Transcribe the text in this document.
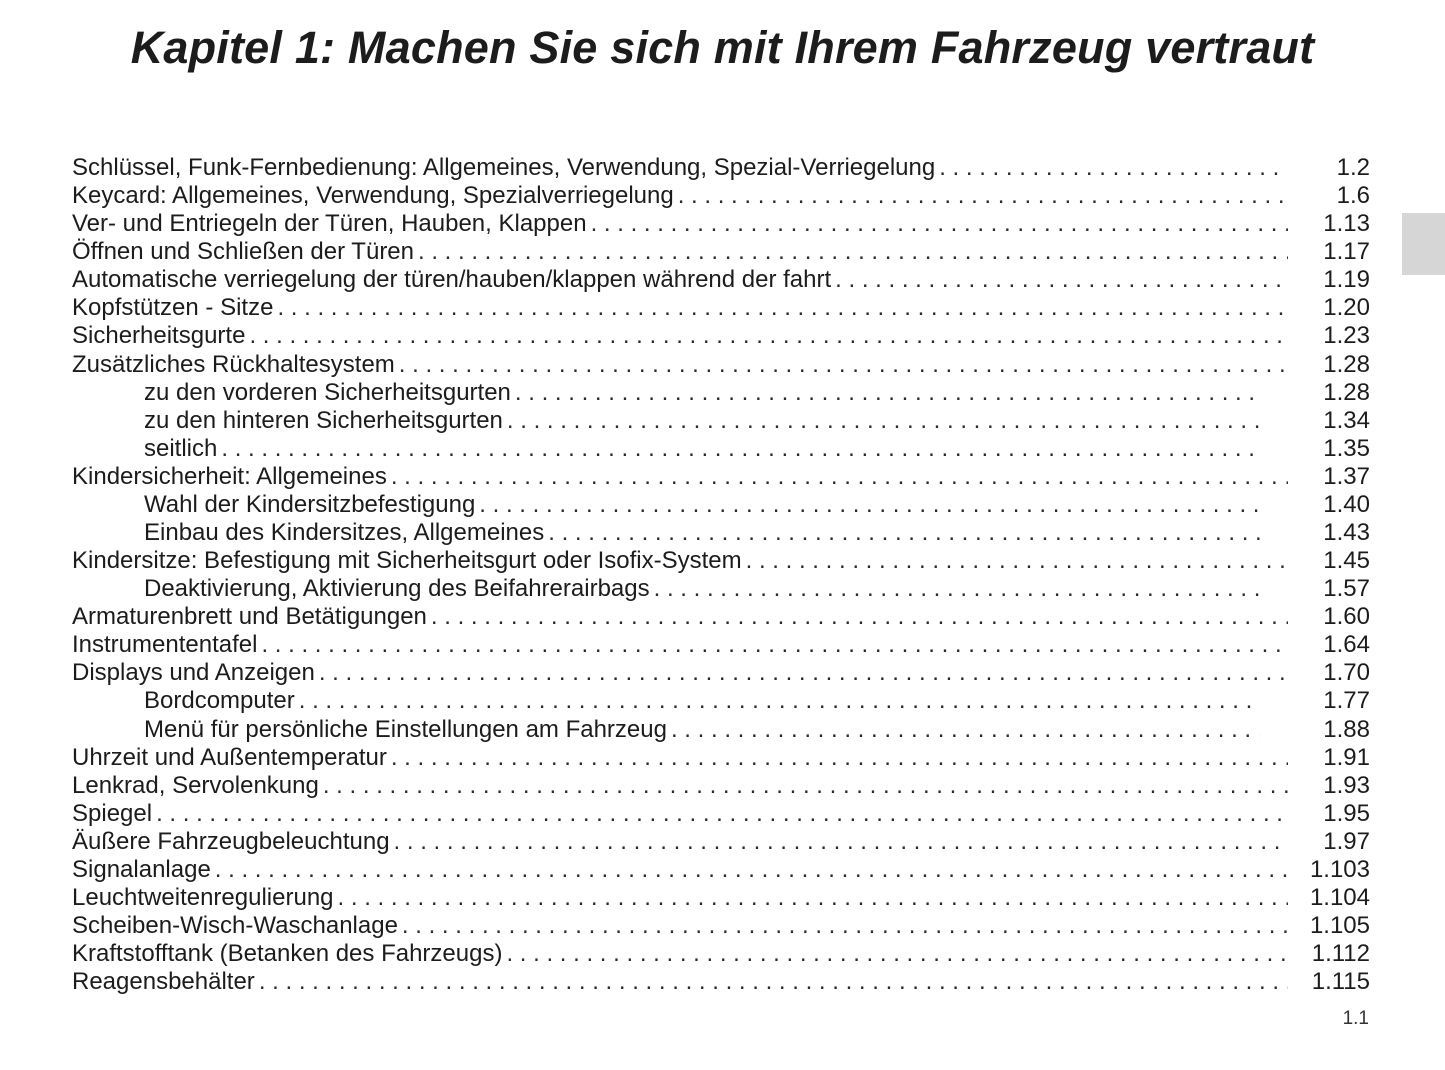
Kapitel 1: Machen Sie sich mit Ihrem Fahrzeug vertraut
Schlüssel, Funk-Fernbedienung: Allgemeines, Verwendung, Spezial-Verriegelung . . .	1.2
Keycard: Allgemeines, Verwendung, Spezialverriegelung . . .	1.6
Ver- und Entriegeln der Türen, Hauben, Klappen . . .	1.13
Öffnen und Schließen der Türen . . .	1.17
Automatische verriegelung der türen/hauben/klappen während der fahrt . . .	1.19
Kopfstützen - Sitze . . .	1.20
Sicherheitsgurte . . .	1.23
Zusätzliches Rückhaltesystem . . .	1.28
zu den vorderen Sicherheitsgurten . . .	1.28
zu den hinteren Sicherheitsgurten . . .	1.34
seitlich . . .	1.35
Kindersicherheit: Allgemeines . . .	1.37
Wahl der Kindersitzbefestigung . . .	1.40
Einbau des Kindersitzes, Allgemeines . . .	1.43
Kindersitze: Befestigung mit Sicherheitsgurt oder Isofix-System . . .	1.45
Deaktivierung, Aktivierung des Beifahrerairbags . . .	1.57
Armaturenbrett und Betätigungen . . .	1.60
Instrumententafel . . .	1.64
Displays und Anzeigen . . .	1.70
Bordcomputer . . .	1.77
Menü für persönliche Einstellungen am Fahrzeug . . .	1.88
Uhrzeit und Außentemperatur . . .	1.91
Lenkrad, Servolenkung . . .	1.93
Spiegel . . .	1.95
Äußere Fahrzeugbeleuchtung . . .	1.97
Signalanlage . . .	1.103
Leuchtweitenregulierung . . .	1.104
Scheiben-Wisch-Waschanlage . . .	1.105
Kraftstofftank (Betanken des Fahrzeugs) . . .	1.112
Reagensbehälter . . .	1.115
1.1
